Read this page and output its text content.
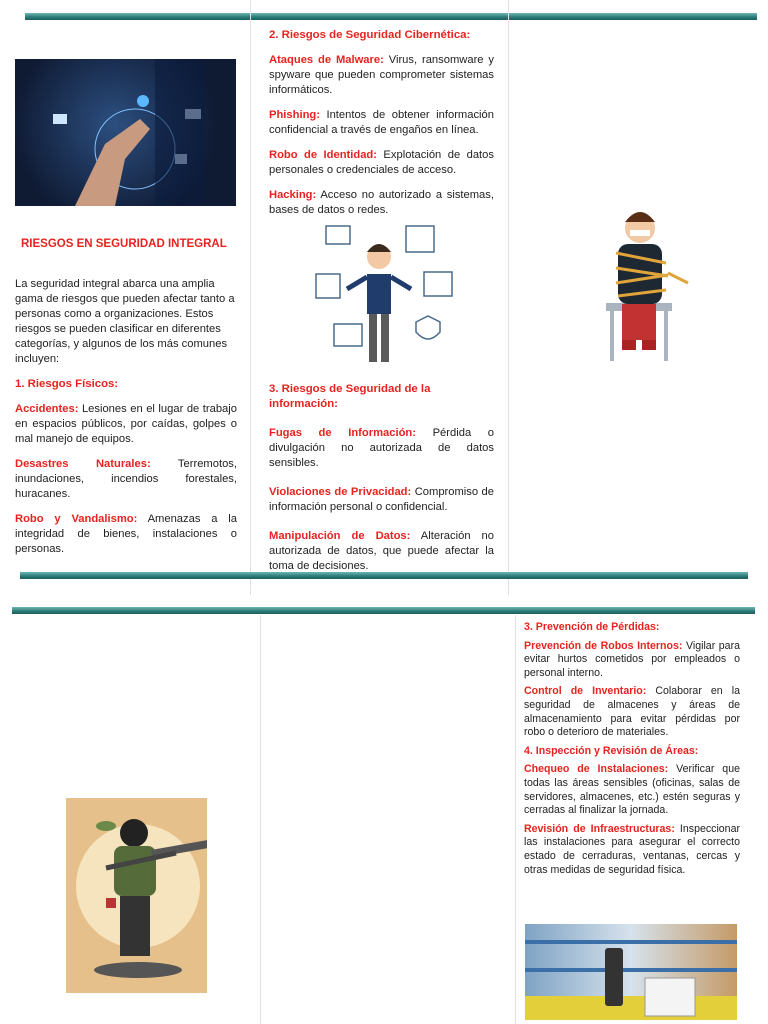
RIESGOS EN SEGURIDAD INTEGRAL

La seguridad integral abarca una amplia gama de riesgos que pueden afectar tanto a personas como a organizaciones. Estos riesgos se pueden clasificar en diferentes categorías, y algunos de los más comunes incluyen:

1. Riesgos Físicos:

Accidentes: Lesiones en el lugar de trabajo en espacios públicos, por caídas, golpes o mal manejo de equipos.

Desastres Naturales: Terremotos, inundaciones, incendios forestales, huracanes.

Robo y Vandalismo: Amenazas a la integridad de bienes, instalaciones o personas.

2. Riesgos de Seguridad Cibernética:

Ataques de Malware: Virus, ransomware y spyware que pueden comprometer sistemas informáticos.

Phishing: Intentos de obtener información confidencial a través de engaños en línea.

Robo de Identidad: Explotación de datos personales o credenciales de acceso.

Hacking: Acceso no autorizado a sistemas, bases de datos o redes.

3. Riesgos de Seguridad de la información:

Fugas de Información: Pérdida o divulgación no autorizada de datos sensibles.

Violaciones de Privacidad: Compromiso de información personal o confidencial.

Manipulación de Datos: Alteración no autorizada de datos, que puede afectar la toma de decisiones.

3. Prevención de Pérdidas:

Prevención de Robos Internos: Vigilar para evitar hurtos cometidos por empleados o personal interno.

Control de Inventario: Colaborar en la seguridad de almacenes y áreas de almacenamiento para evitar pérdidas por robo o deterioro de materiales.

4. Inspección y Revisión de Áreas:

Chequeo de Instalaciones: Verificar que todas las áreas sensibles (oficinas, salas de servidores, almacenes, etc.) estén seguras y cerradas al finalizar la jornada.

Revisión de Infraestructuras: Inspeccionar las instalaciones para asegurar el correcto estado de cerraduras, ventanas, cercas y otras medidas de seguridad física.
